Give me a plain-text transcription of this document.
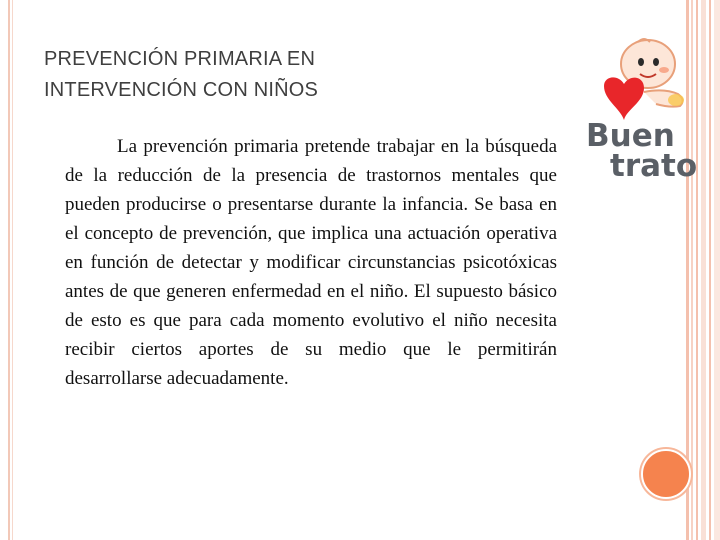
PREVENCIÓN PRIMARIA EN INTERVENCIÓN CON NIÑOS

La prevención primaria pretende trabajar en la búsqueda de la reducción de la presencia de trastornos mentales que pueden producirse o presentarse durante la infancia. Se basa en el concepto de prevención, que implica una actuación operativa en función de detectar y modificar circunstancias psicotóxicas antes de que generen enfermedad en el niño. El supuesto básico de esto es que para cada momento evolutivo el niño necesita recibir ciertos aportes de su medio que le permitirán desarrollarse adecuadamente.

Buen
trato
